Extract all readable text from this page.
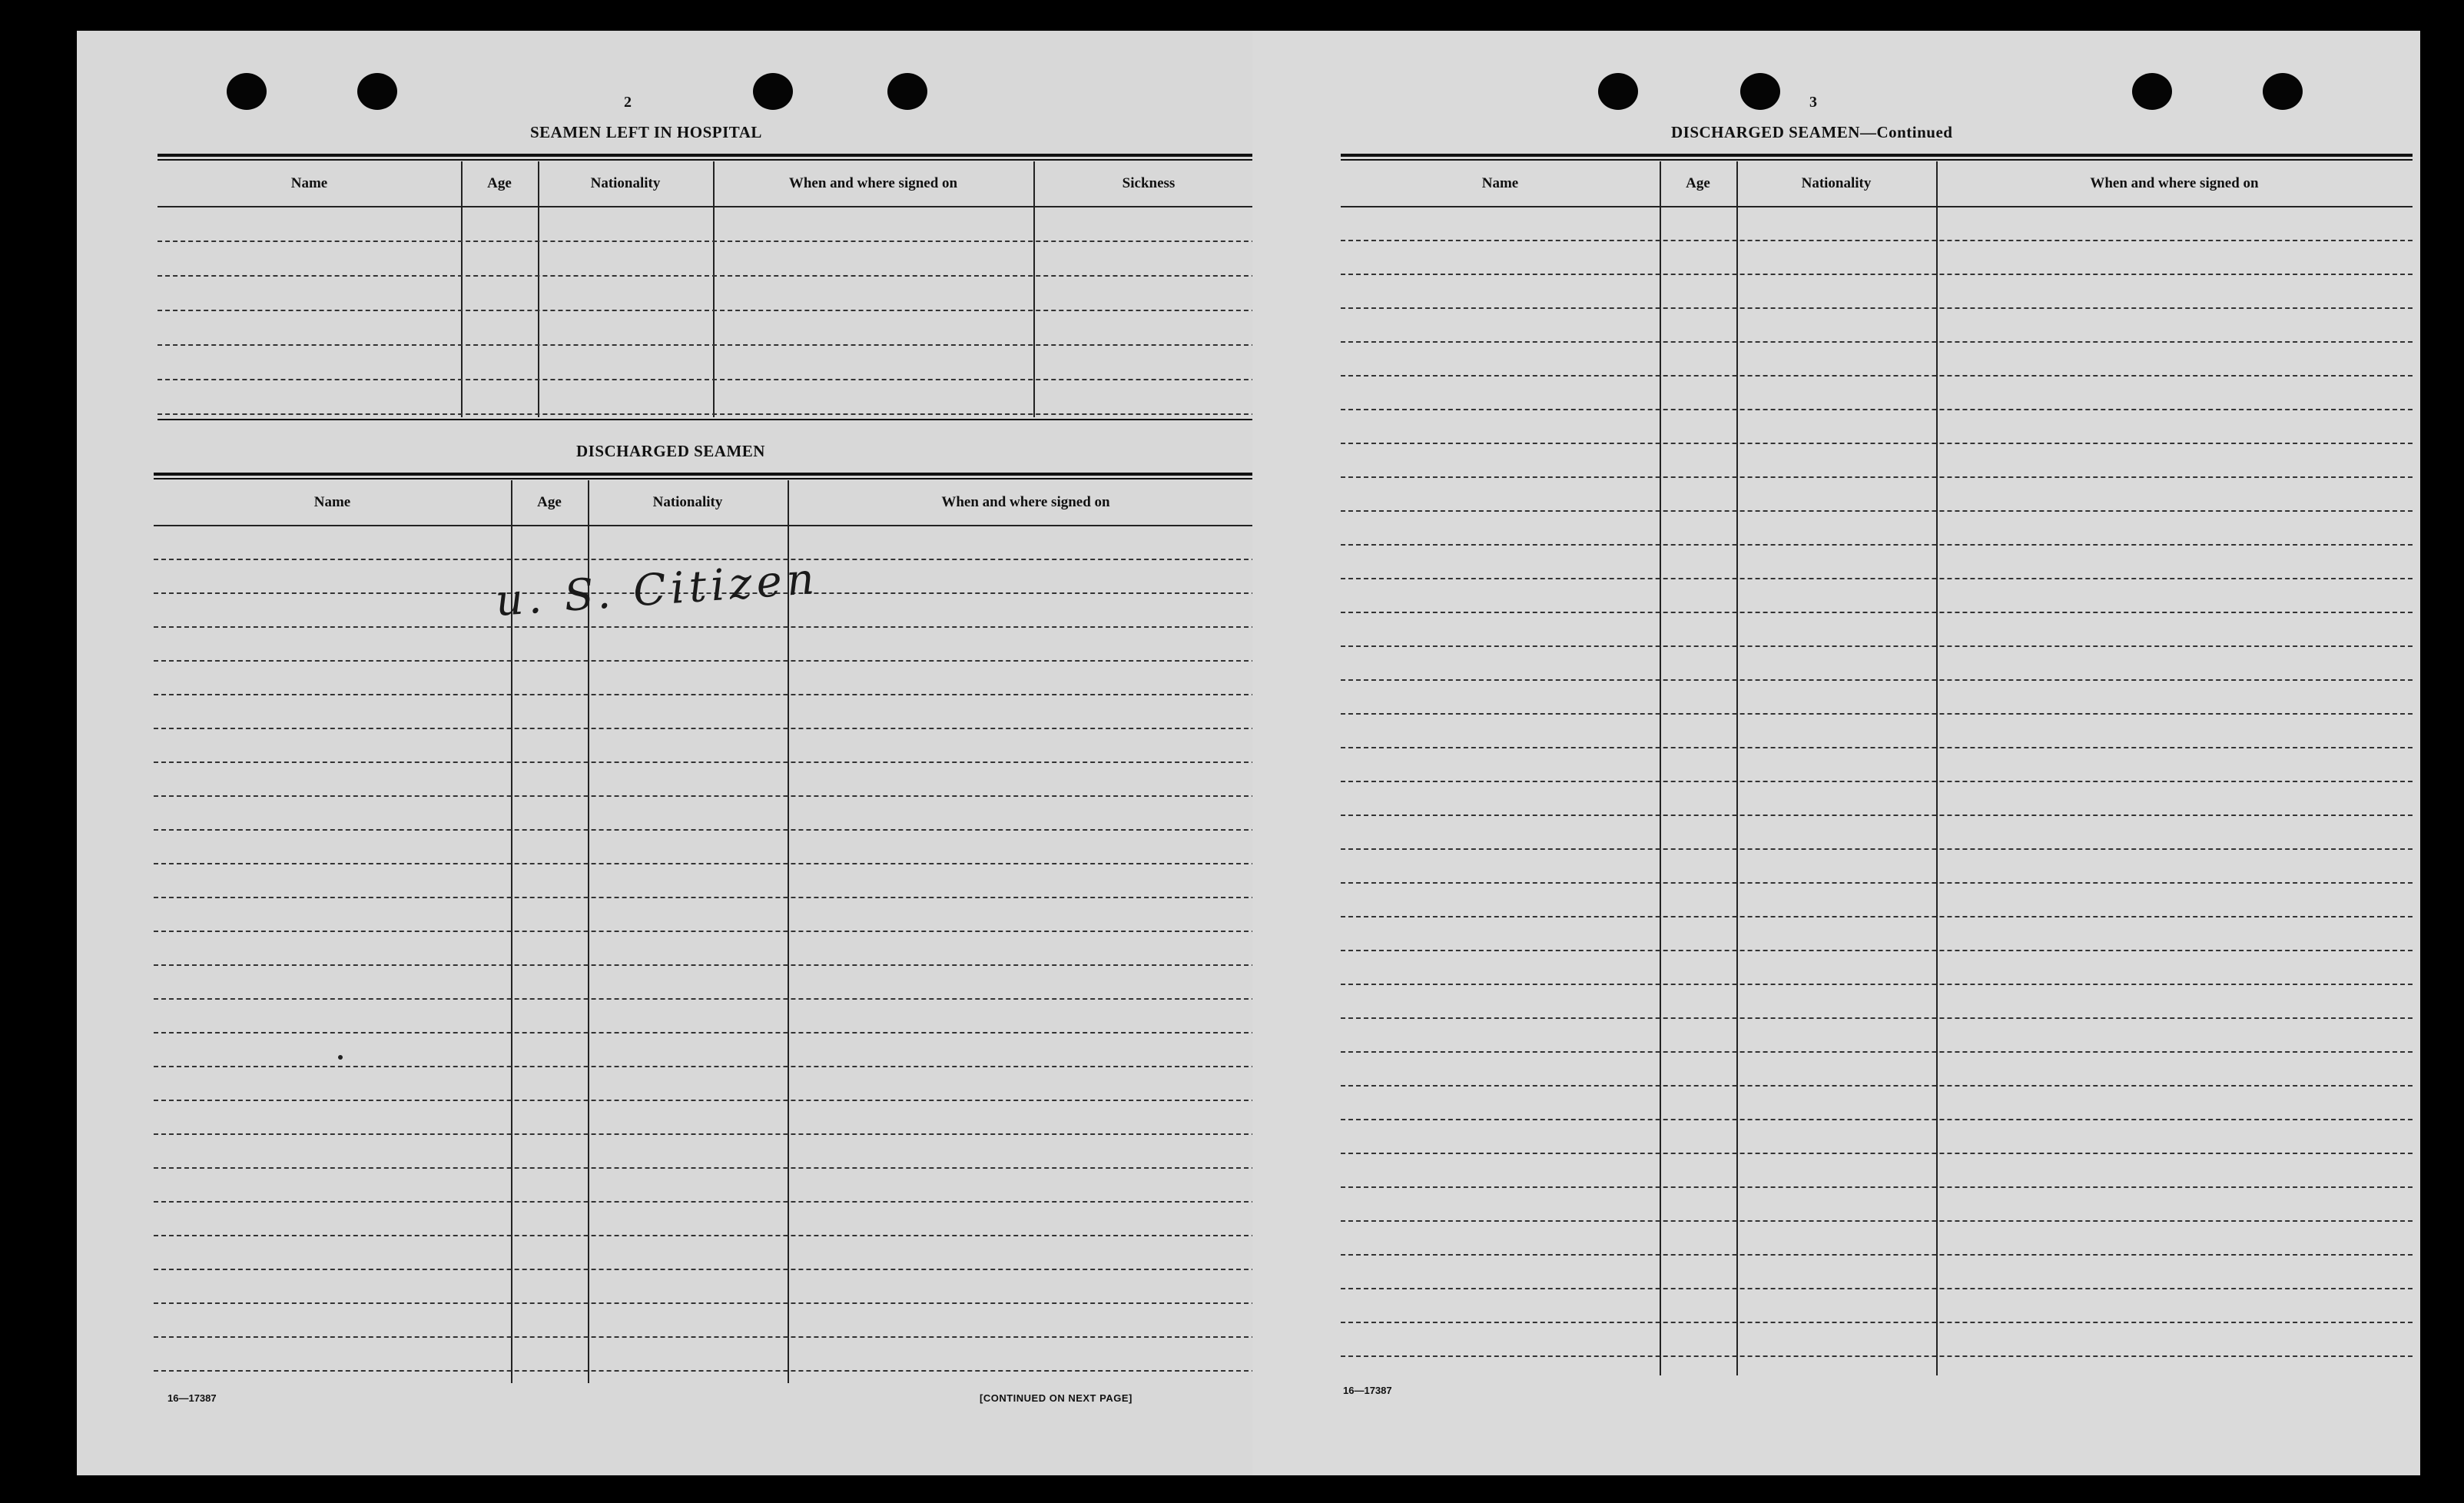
2
SEAMEN LEFT IN HOSPITAL
Name	Age	Nationality	When and where signed on	Sickness
DISCHARGED SEAMEN
Name	Age	Nationality	When and where signed on
u. S. Citizen
16—17387	[CONTINUED ON NEXT PAGE]
3
DISCHARGED SEAMEN—Continued
Name	Age	Nationality	When and where signed on
16—17387
